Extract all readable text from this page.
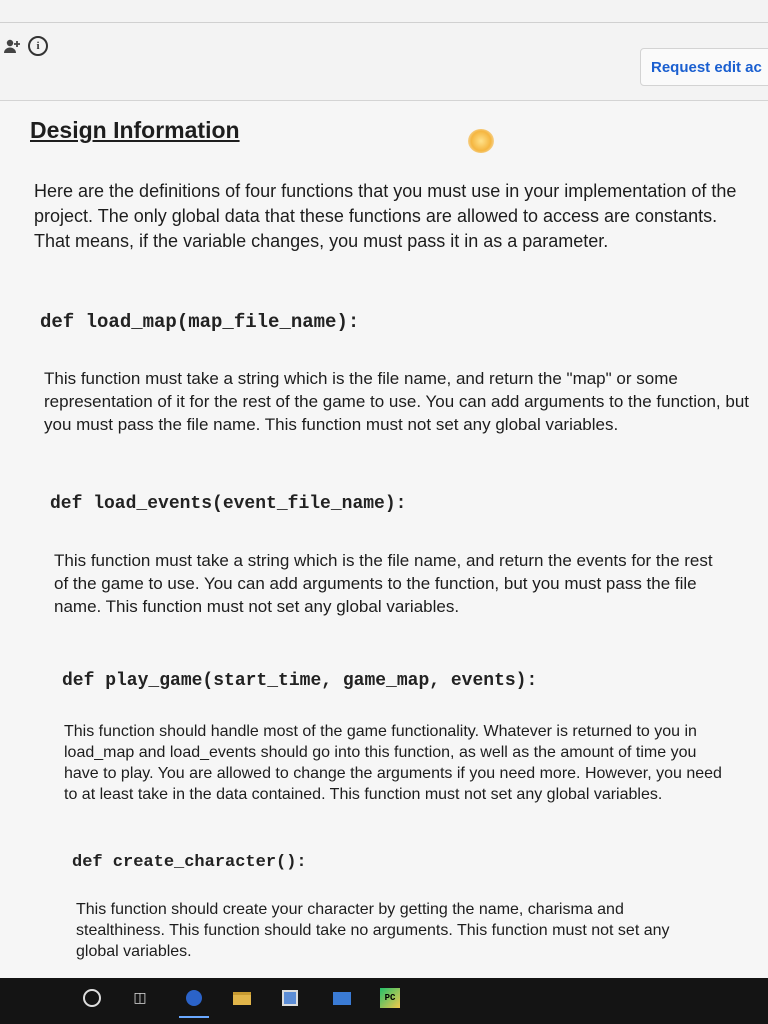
i
Request edit ac
Design Information
Here are the definitions of four functions that you must use in your implementation of the project. The only global data that these functions are allowed to access are constants. That means, if the variable changes, you must pass it in as a parameter.
def load_map(map_file_name):
This function must take a string which is the file name, and return the "map" or some representation of it for the rest of the game to use. You can add arguments to the function, but you must pass the file name. This function must not set any global variables.
def load_events(event_file_name):
This function must take a string which is the file name, and return the events for the rest of the game to use. You can add arguments to the function, but you must pass the file name. This function must not set any global variables.
def play_game(start_time, game_map, events):
This function should handle most of the game functionality. Whatever is returned to you in load_map and load_events should go into this function, as well as the amount of time you have to play. You are allowed to change the arguments if you need more. However, you need to at least take in the data contained. This function must not set any global variables.
def create_character():
This function should create your character by getting the name, charisma and stealthiness. This function should take no arguments. This function must not set any global variables.
◫	PC
